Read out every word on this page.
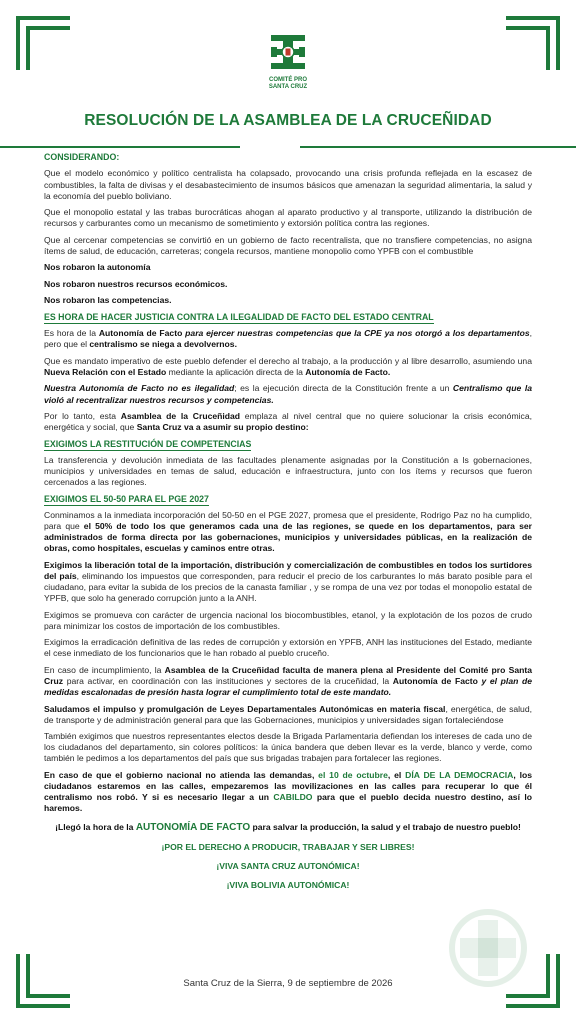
COMITÉ PRO
SANTA CRUZ
RESOLUCIÓN DE LA ASAMBLEA DE LA CRUCEÑIDAD

CONSIDERANDO:

Que el modelo económico y político centralista ha colapsado, provocando una crisis profunda reflejada en la escasez de combustibles, la falta de divisas y el desabastecimiento de insumos básicos que amenazan la seguridad alimentaria, la salud y la economía del pueblo boliviano.

Que el monopolio estatal y las trabas burocráticas ahogan al aparato productivo y al transporte, utilizando la distribución de recursos y carburantes como un mecanismo de sometimiento y extorsión política contra las regiones.

Que al cercenar competencias se convirtió en un gobierno de facto recentralista, que no transfiere competencias, no asigna ítems de salud, de educación, carreteras; congela recursos, mantiene monopolio como YPFB con el combustible

Nos robaron la autonomía

Nos robaron nuestros recursos económicos.

Nos robaron las competencias.

ES HORA DE HACER JUSTICIA CONTRA LA ILEGALIDAD DE FACTO DEL ESTADO CENTRAL

Es hora de la Autonomía de Facto para ejercer nuestras competencias que la CPE ya nos otorgó a los departamentos, pero que el centralismo se niega a devolvernos.

Que es mandato imperativo de este pueblo defender el derecho al trabajo, a la producción y al libre desarrollo, asumiendo una Nueva Relación con el Estado mediante la aplicación directa de la Autonomía de Facto.

Nuestra Autonomía de Facto no es ilegalidad; es la ejecución directa de la Constitución frente a un Centralismo que la violó al recentralizar nuestros recursos y competencias.

Por lo tanto, esta Asamblea de la Cruceñidad emplaza al nivel central que no quiere solucionar la crisis económica, energética y social, que Santa Cruz va a asumir su propio destino:

EXIGIMOS LA RESTITUCIÓN DE COMPETENCIAS

La transferencia y devolución inmediata de las facultades plenamente asignadas por la Constitución a ls gobernaciones, municipios y universidades en temas de salud, educación e infraestructura, junto con los ítems y recursos que fueron cercenados a las regiones.

EXIGIMOS EL 50-50 PARA EL PGE 2027

Conminamos a la inmediata incorporación del 50-50 en el PGE 2027, promesa que el presidente, Rodrigo Paz no ha cumplido, para que el 50% de todo los que generamos cada una de las regiones, se quede en los departamentos, para ser administrados de forma directa por las gobernaciones, municipios y universidades públicas, en la realización de obras, como hospitales, escuelas y caminos entre otras.

Exigimos la liberación total de la importación, distribución y comercialización de combustibles en todos los surtidores del país, eliminando los impuestos que corresponden, para reducir el precio de los carburantes lo más barato posible para el ciudadano, para evitar la subida de los precios de la canasta familiar , y se rompa de una vez por todas el monopolio estatal de YPFB, que solo ha generado corrupción junto a la ANH.

Exigimos se promueva con carácter de urgencia nacional los biocombustibles, etanol, y la explotación de los pozos de crudo para minimizar los costos de importación de los combustibles.

Exigimos la erradicación definitiva de las redes de corrupción y extorsión en YPFB, ANH las instituciones del Estado, mediante el cese inmediato de los funcionarios que le han robado al pueblo cruceño.

En caso de incumplimiento, la Asamblea de la Cruceñidad faculta de manera plena al Presidente del Comité pro Santa Cruz para activar, en coordinación con las instituciones y sectores de la cruceñidad, la Autonomía de Facto y el plan de medidas escalonadas de presión hasta lograr el cumplimiento total de este mandato.

Saludamos el impulso y promulgación de Leyes Departamentales Autonómicas en materia fiscal, energética, de salud, de transporte y de administración general para que las Gobernaciones, municipios y universidades sigan fortaleciéndose

También exigimos que nuestros representantes electos desde la Brigada Parlamentaria defiendan los intereses de cada uno de los ciudadanos del departamento, sin colores políticos: la única bandera que deben llevar es la verde, blanco y verde, como también le pedimos a los departamentos del país que sus brigadas trabajen para fortalecer las regiones.

En caso de que el gobierno nacional no atienda las demandas, el 10 de octubre, el DÍA DE LA DEMOCRACIA, los ciudadanos estaremos en las calles, empezaremos las movilizaciones en las calles para recuperar lo que él centralismo nos robó. Y si es necesario llegar a un CABILDO para que el pueblo decida nuestro destino, así lo haremos.

¡Llegó la hora de la AUTONOMÍA DE FACTO para salvar la producción, la salud y el trabajo de nuestro pueblo!

¡POR EL DERECHO A PRODUCIR, TRABAJAR Y SER LIBRES!

¡VIVA SANTA CRUZ AUTONÓMICA!

¡VIVA BOLIVIA AUTONÓMICA!

Santa Cruz de la Sierra, 9 de septiembre de 2026
